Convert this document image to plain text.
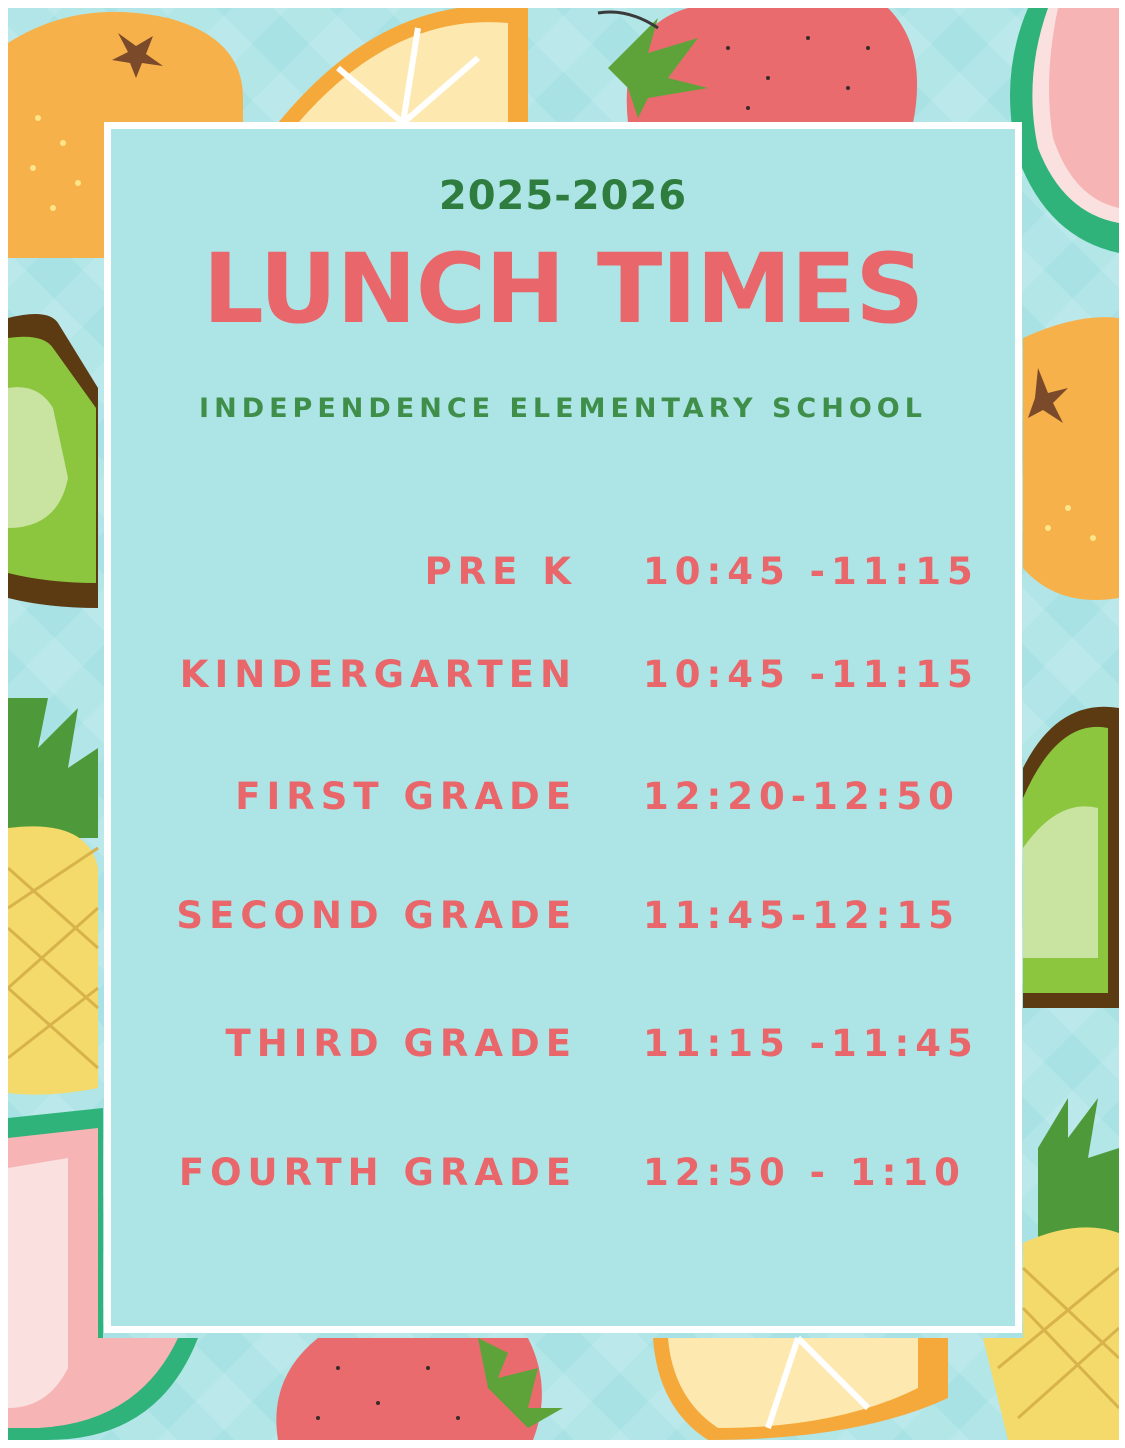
2025-2026
LUNCH TIMES
INDEPENDENCE ELEMENTARY SCHOOL
PRE K 10:45 -11:15
KINDERGARTEN 10:45 -11:15
FIRST GRADE 12:20-12:50
SECOND GRADE 11:45-12:15
THIRD GRADE 11:15 -11:45
FOURTH GRADE 12:50 - 1:10
